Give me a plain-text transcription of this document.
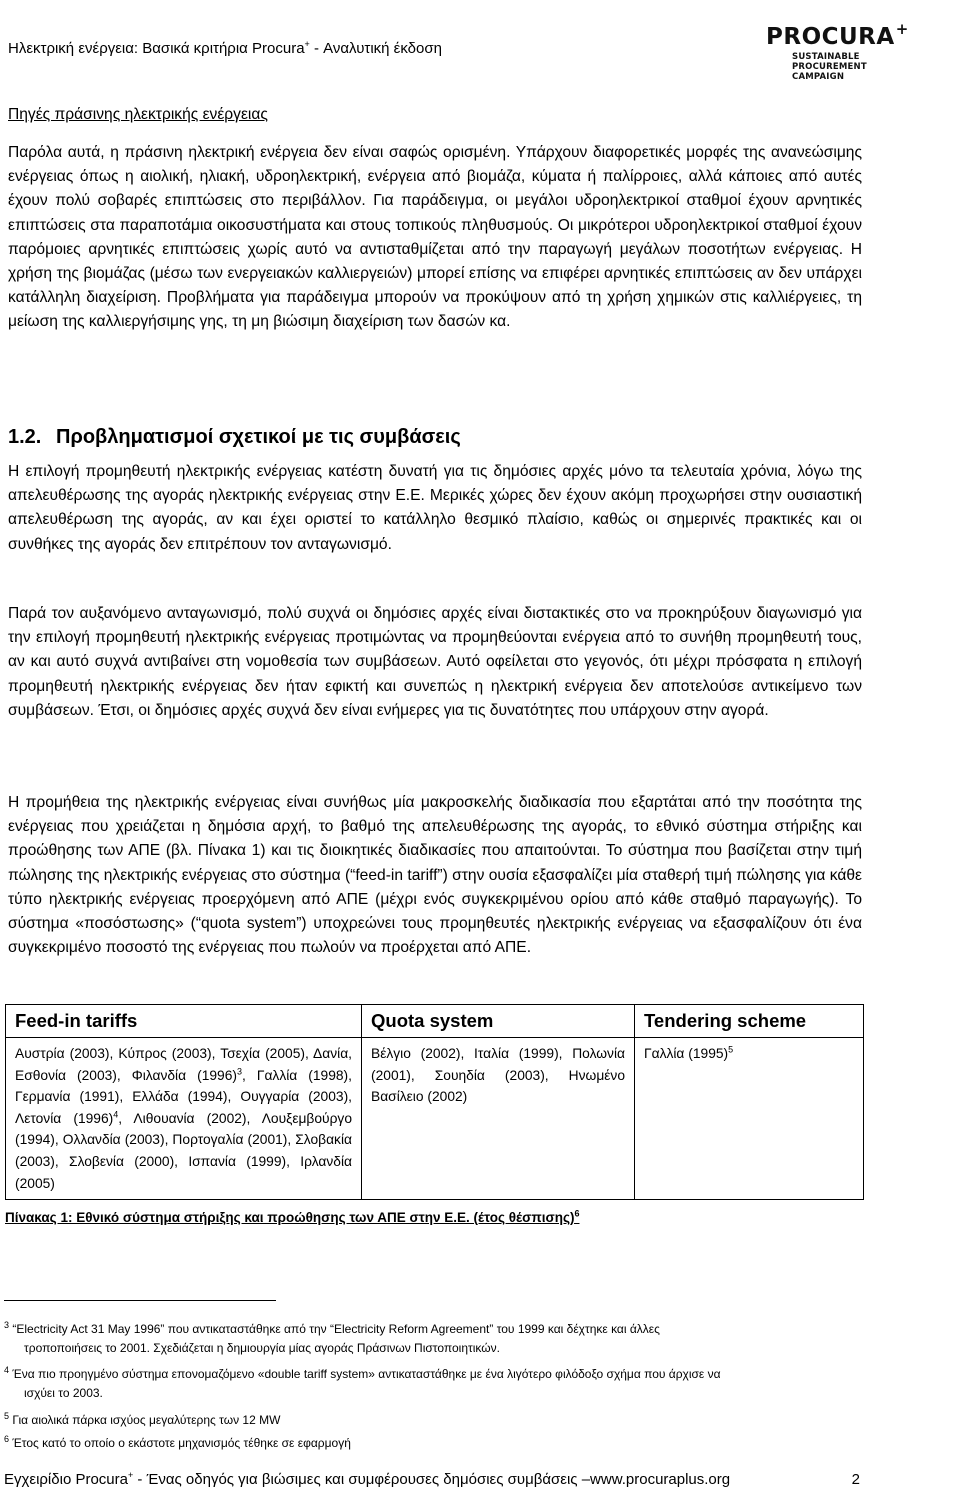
Ηλεκτρική ενέργεια: Βασικά κριτήρια Procura+ - Αναλυτική έκδοση	PROCURA+
SUSTAINABLE
PROCUREMENT
CAMPAIGN
Πηγές πράσινης ηλεκτρικής ενέργειας

Παρόλα αυτά, η πράσινη ηλεκτρική ενέργεια δεν είναι σαφώς ορισμένη. Υπάρχουν διαφορετικές μορφές της ανανεώσιμης ενέργειας όπως η αιολική, ηλιακή, υδροηλεκτρική, ενέργεια από βιομάζα, κύματα ή παλίρροιες, αλλά κάποιες από αυτές έχουν πολύ σοβαρές επιπτώσεις στο περιβάλλον. Για παράδειγμα, οι μεγάλοι υδροηλεκτρικοί σταθμοί έχουν αρνητικές επιπτώσεις στα παραποτάμια οικοσυστήματα και στους τοπικούς πληθυσμούς. Οι μικρότεροι υδροηλεκτρικοί σταθμοί έχουν παρόμοιες αρνητικές επιπτώσεις χωρίς αυτό να αντισταθμίζεται από την παραγωγή μεγάλων ποσοτήτων ενέργειας. Η χρήση της βιομάζας (μέσω των ενεργειακών καλλιεργειών) μπορεί επίσης να επιφέρει αρνητικές επιπτώσεις αν δεν υπάρχει κατάλληλη διαχείριση. Προβλήματα για παράδειγμα μπορούν να προκύψουν από τη χρήση χημικών στις καλλιέργειες, τη μείωση της καλλιεργήσιμης γης, τη μη βιώσιμη διαχείριση των δασών κα.

1.2. Προβληματισμοί σχετικοί με τις συμβάσεις

Η επιλογή προμηθευτή ηλεκτρικής ενέργειας κατέστη δυνατή για τις δημόσιες αρχές μόνο τα τελευταία χρόνια, λόγω της απελευθέρωσης της αγοράς ηλεκτρικής ενέργειας στην Ε.Ε. Μερικές χώρες δεν έχουν ακόμη προχωρήσει στην ουσιαστική απελευθέρωση της αγοράς, αν και έχει οριστεί το κατάλληλο θεσμικό πλαίσιο, καθώς οι σημερινές πρακτικές και οι συνθήκες της αγοράς δεν επιτρέπουν τον ανταγωνισμό.

Παρά τον αυξανόμενο ανταγωνισμό, πολύ συχνά οι δημόσιες αρχές είναι διστακτικές στο να προκηρύξουν διαγωνισμό για την επιλογή προμηθευτή ηλεκτρικής ενέργειας προτιμώντας να προμηθεύονται ενέργεια από το συνήθη προμηθευτή τους, αν και αυτό συχνά αντιβαίνει στη νομοθεσία των συμβάσεων. Αυτό οφείλεται στο γεγονός, ότι μέχρι πρόσφατα η επιλογή προμηθευτή ηλεκτρικής ενέργειας δεν ήταν εφικτή και συνεπώς η ηλεκτρική ενέργεια δεν αποτελούσε αντικείμενο των συμβάσεων. Έτσι, οι δημόσιες αρχές συχνά δεν είναι ενήμερες για τις δυνατότητες που υπάρχουν στην αγορά.

Η προμήθεια της ηλεκτρικής ενέργειας είναι συνήθως μία μακροσκελής διαδικασία που εξαρτάται από την ποσότητα της ενέργειας που χρειάζεται η δημόσια αρχή, το βαθμό της απελευθέρωσης της αγοράς, το εθνικό σύστημα στήριξης και προώθησης των ΑΠΕ (βλ. Πίνακα 1) και τις διοικητικές διαδικασίες που απαιτούνται. Το σύστημα που βασίζεται στην τιμή πώλησης της ηλεκτρικής ενέργειας στο σύστημα (“feed-in tariff”) στην ουσία εξασφαλίζει μία σταθερή τιμή πώλησης για κάθε τύπο ηλεκτρικής ενέργειας προερχόμενη από ΑΠΕ (μέχρι ενός συγκεκριμένου ορίου από κάθε σταθμό παραγωγής). Το σύστημα «ποσόστωσης» (“quota system”) υποχρεώνει τους προμηθευτές ηλεκτρικής ενέργειας να εξασφαλίζουν ότι ένα συγκεκριμένο ποσοστό της ενέργειας που πωλούν να προέρχεται από ΑΠΕ.

Feed-in tariffs	Quota system	Tendering scheme
Αυστρία (2003), Κύπρος (2003), Τσεχία (2005), Δανία, Εσθονία (2003), Φιλανδία $(1996)^3$, Γαλλία (1998), Γερμανία (1991), Ελλάδα (1994), Ουγγαρία (2003), Λετονία $(1996)^4$, Λιθουανία (2002), Λουξεμβούργο (1994), Ολλανδία (2003), Πορτογαλία (2001), Σλοβακία (2003), Σλοβενία (2000), Ισπανία (1999), Ιρλανδία (2005)	Βέλγιο (2002), Ιταλία (1999), Πολωνία (2001), Σουηδία (2003), Ηνωμένο Βασίλειο (2002)	Γαλλία $(1995)^5$
Πίνακας 1: Εθνικό σύστημα στήριξης και προώθησης των ΑΠΕ στην Ε.Ε. (έτος θέσπισης)$^6$
$^3$ “Electricity Act 31 May 1996” που αντικαταστάθηκε από την “Electricity Reform Agreement” του 1999 και δέχτηκε και άλλες
τροποποιήσεις το 2001. Σχεδιάζεται η δημιουργία μίας αγοράς Πράσινων Πιστοποιητικών.
$^4$ Ένα πιο προηγμένο σύστημα επονομαζόμενο «double tariff system» αντικαταστάθηκε με ένα λιγότερο φιλόδοξο σχήμα που άρχισε να
ισχύει το 2003.
$^5$ Για αιολικά πάρκα ισχύος μεγαλύτερης των 12 MW
$^6$ Έτος κατό το οποίο ο εκάστοτε μηχανισμός τέθηκε σε εφαρμογή
Εγχειρίδιο Procura+ - Ένας οδηγός για βιώσιμες και συμφέρουσες δημόσιες συμβάσεις –www.procuraplus.org	2
